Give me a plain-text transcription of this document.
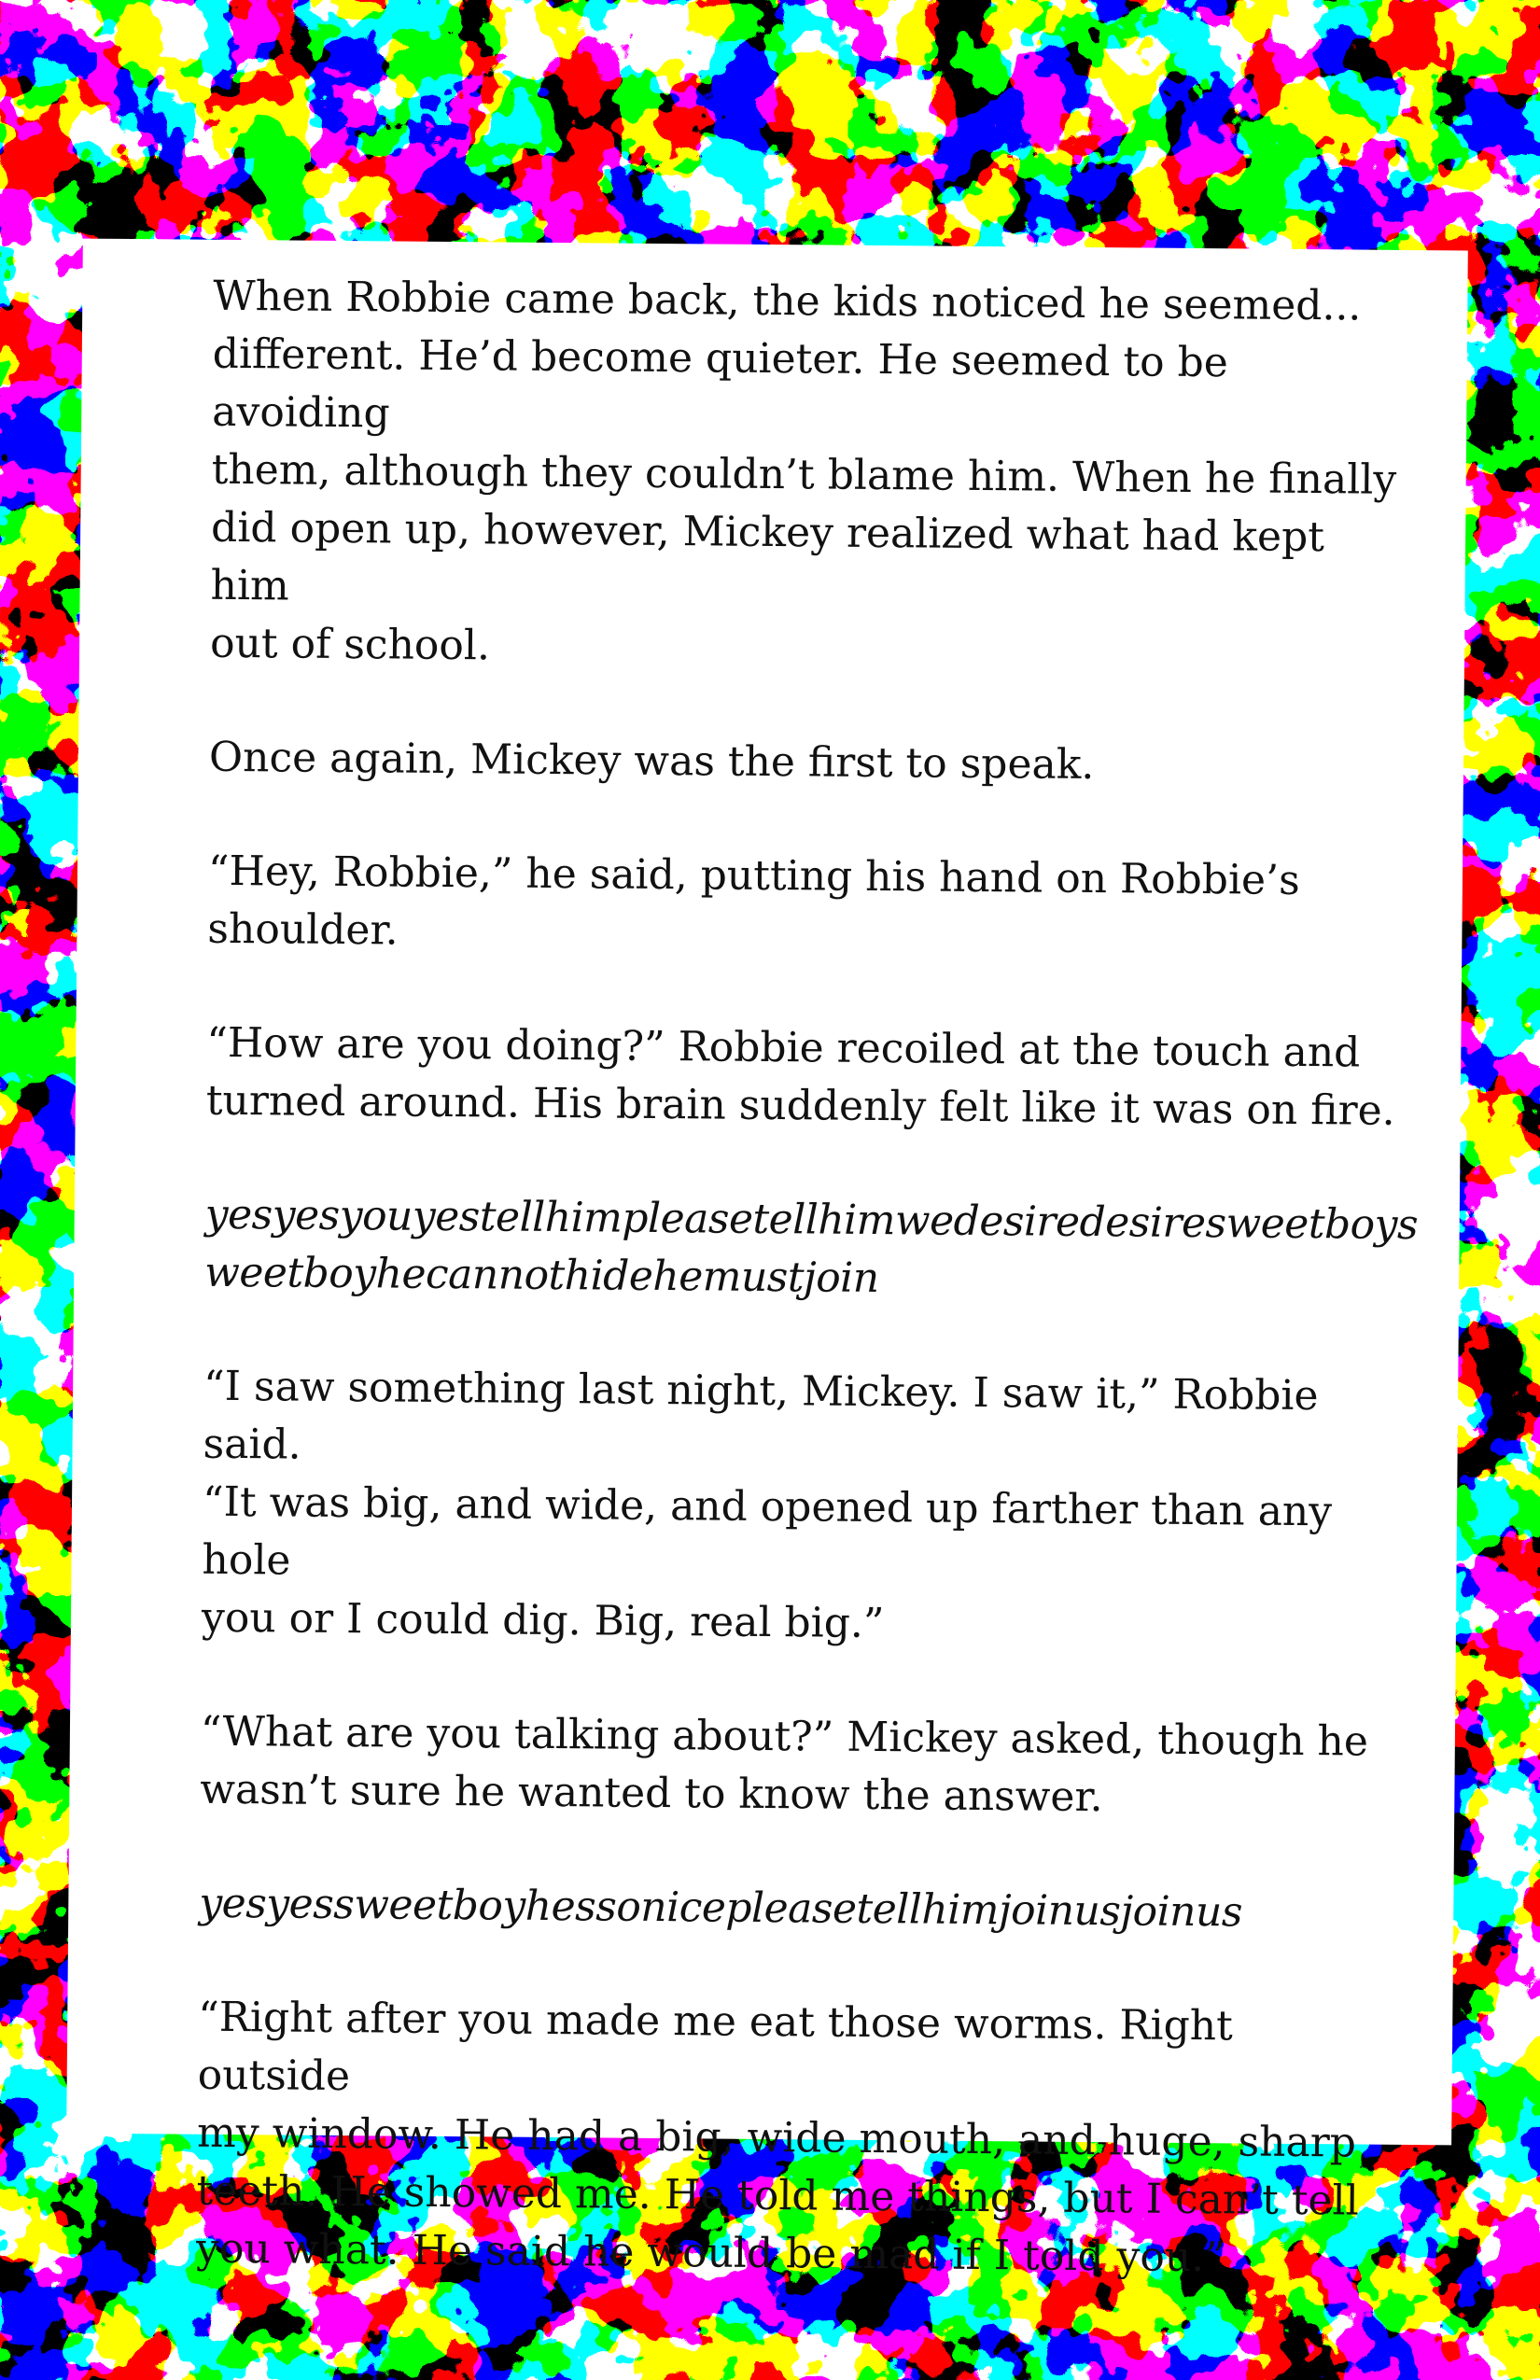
When Robbie came back, the kids noticed he seemed...
different. He’d become quieter. He seemed to be avoiding
them, although they couldn’t blame him. When he finally
did open up, however, Mickey realized what had kept him
out of school.

Once again, Mickey was the first to speak.

“Hey, Robbie,” he said, putting his hand on Robbie’s
shoulder.

“How are you doing?” Robbie recoiled at the touch and
turned around. His brain suddenly felt like it was on fire.

yesyesyouyestellhimpleasetellhimwedesiredesiresweetboys
weetboyhecannothidehemustjoin

“I saw something last night, Mickey. I saw it,” Robbie said.
“It was big, and wide, and opened up farther than any hole
you or I could dig. Big, real big.”

“What are you talking about?” Mickey asked, though he
wasn’t sure he wanted to know the answer.

yesyessweetboyhessonicepleasetellhimjoinusjoinus

“Right after you made me eat those worms. Right outside
my window. He had a big, wide mouth, and huge, sharp
teeth. He showed me. He told me things, but I can’t tell
you what. He said he would be mad if I told you.”
